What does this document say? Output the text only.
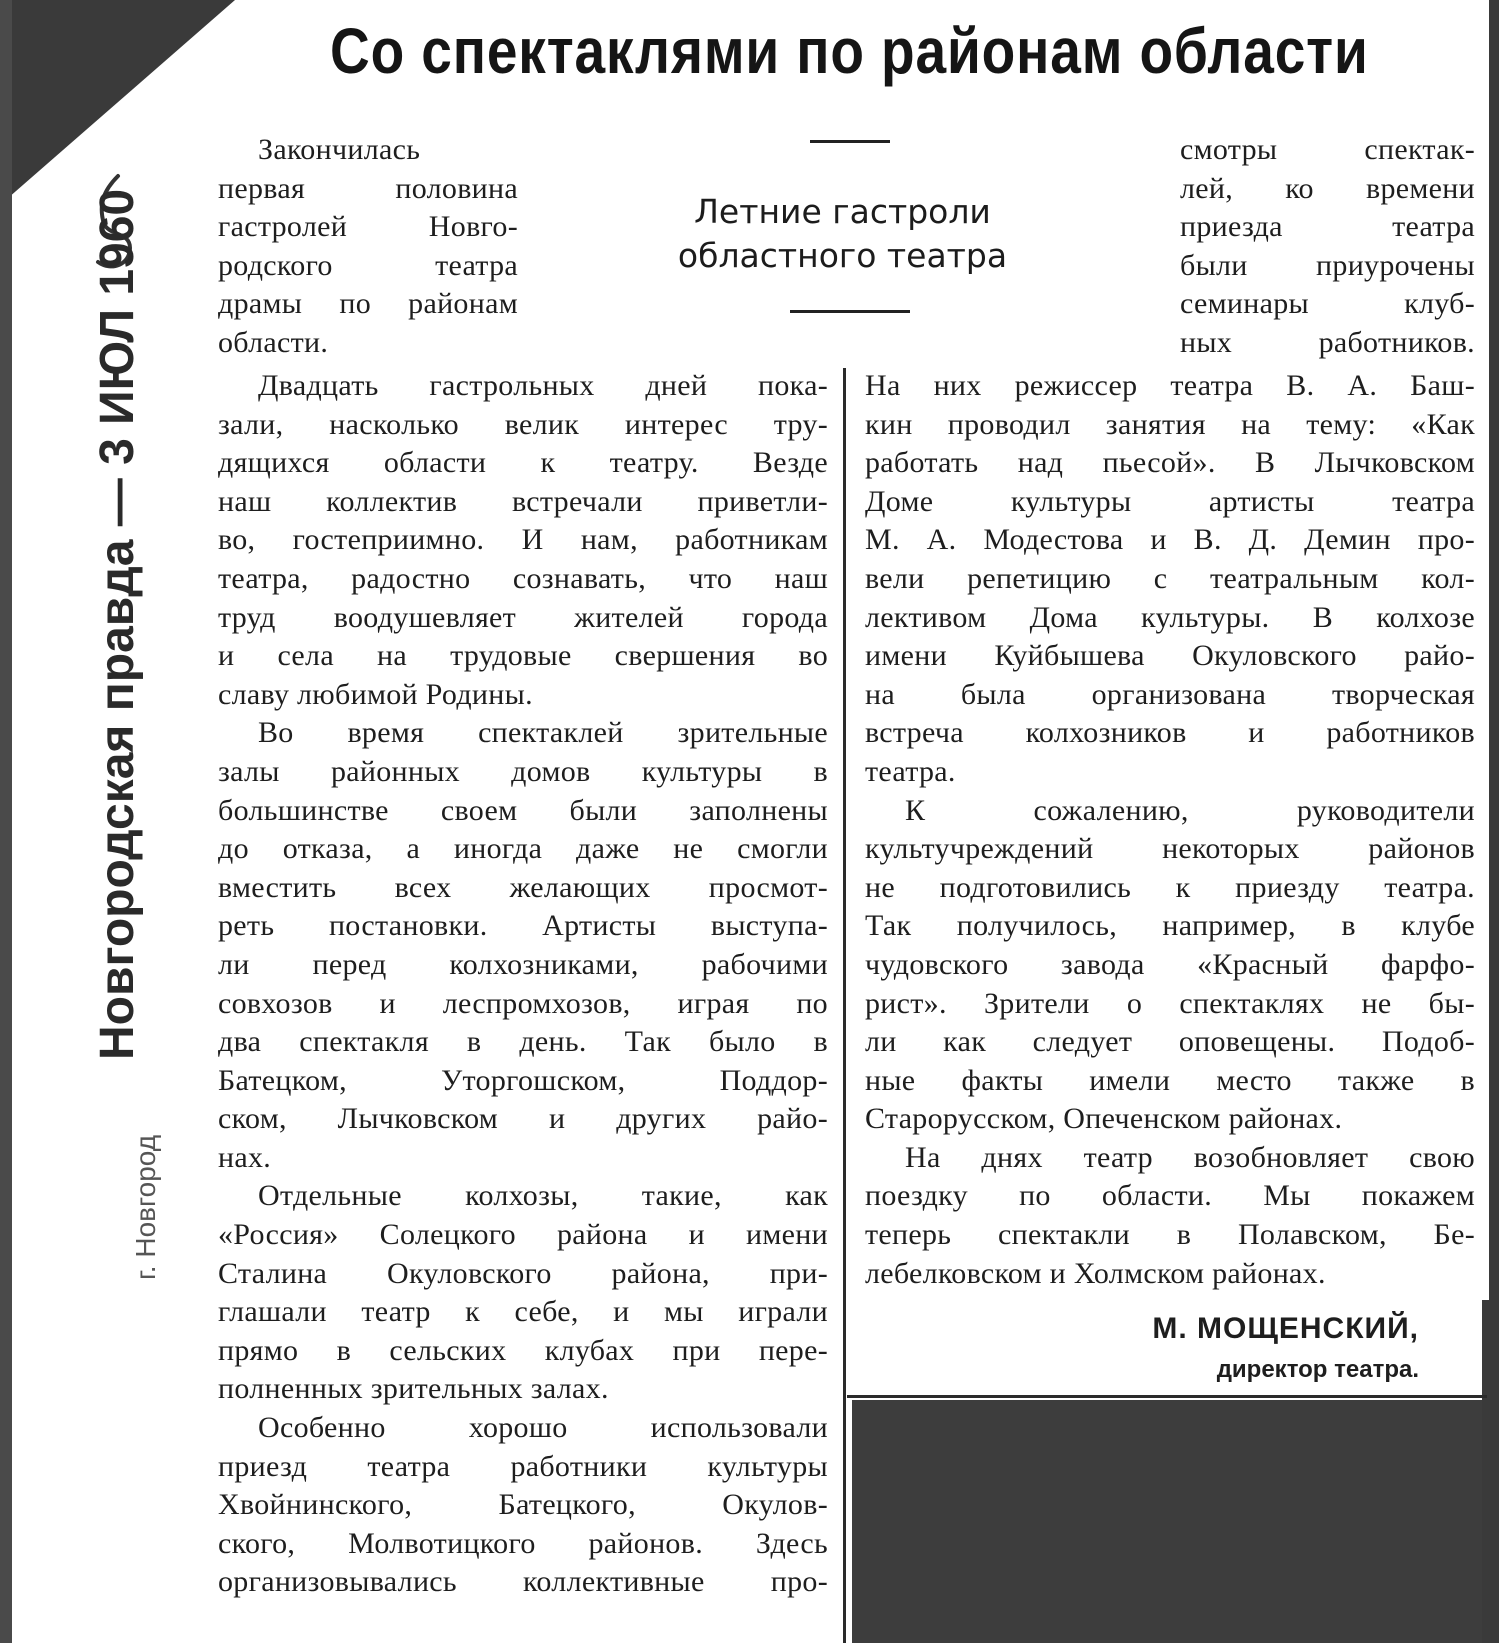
Новгородская правда — 3 ИЮЛ 1960
г. Новгород
Со спектаклями по районам области
Летние гастроли
областного театра

Закончилась

первая половина

гастролей Новго-

родского театра

драмы по районам

области.

смотры спектак-

лей, ко времени

приезда театра

были приурочены

семинары клуб-

ных работников.

Двадцать гастрольных дней пока-

зали, насколько велик интерес тру-

дящихся области к театру. Везде

наш коллектив встречали приветли-

во, гостеприимно. И нам, работникам

театра, радостно сознавать, что наш

труд воодушевляет жителей города

и села на трудовые свершения во

славу любимой Родины.

Во время спектаклей зрительные

залы районных домов культуры в

большинстве своем были заполнены

до отказа, а иногда даже не смогли

вместить всех желающих просмот-

реть постановки. Артисты выступа-

ли перед колхозниками, рабочими

совхозов и леспромхозов, играя по

два спектакля в день. Так было в

Батецком, Уторгошском, Поддор-

ском, Лычковском и других райо-

нах.

Отдельные колхозы, такие, как

«Россия» Солецкого района и имени

Сталина Окуловского района, при-

глашали театр к себе, и мы играли

прямо в сельских клубах при пере-

полненных зрительных залах.

Особенно хорошо использовали

приезд театра работники культуры

Хвойнинского, Батецкого, Окулов-

ского, Молвотицкого районов. Здесь

организовывались коллективные про-

На них режиссер театра В. А. Баш-

кин проводил занятия на тему: «Как

работать над пьесой». В Лычковском

Доме культуры артисты театра

М. А. Модестова и В. Д. Демин про-

вели репетицию с театральным кол-

лективом Дома культуры. В колхозе

имени Куйбышева Окуловского райо-

на была организована творческая

встреча колхозников и работников

театра.

К сожалению, руководители

культучреждений некоторых районов

не подготовились к приезду театра.

Так получилось, например, в клубе

чудовского завода «Красный фарфо-

рист». Зрители о спектаклях не бы-

ли как следует оповещены. Подоб-

ные факты имели место также в

Старорусском, Опеченском районах.

На днях театр возобновляет свою

поездку по области. Мы покажем

теперь спектакли в Полавском, Бе-

лебелковском и Холмском районах.

М. МОЩЕНСКИЙ,
директор театра.
